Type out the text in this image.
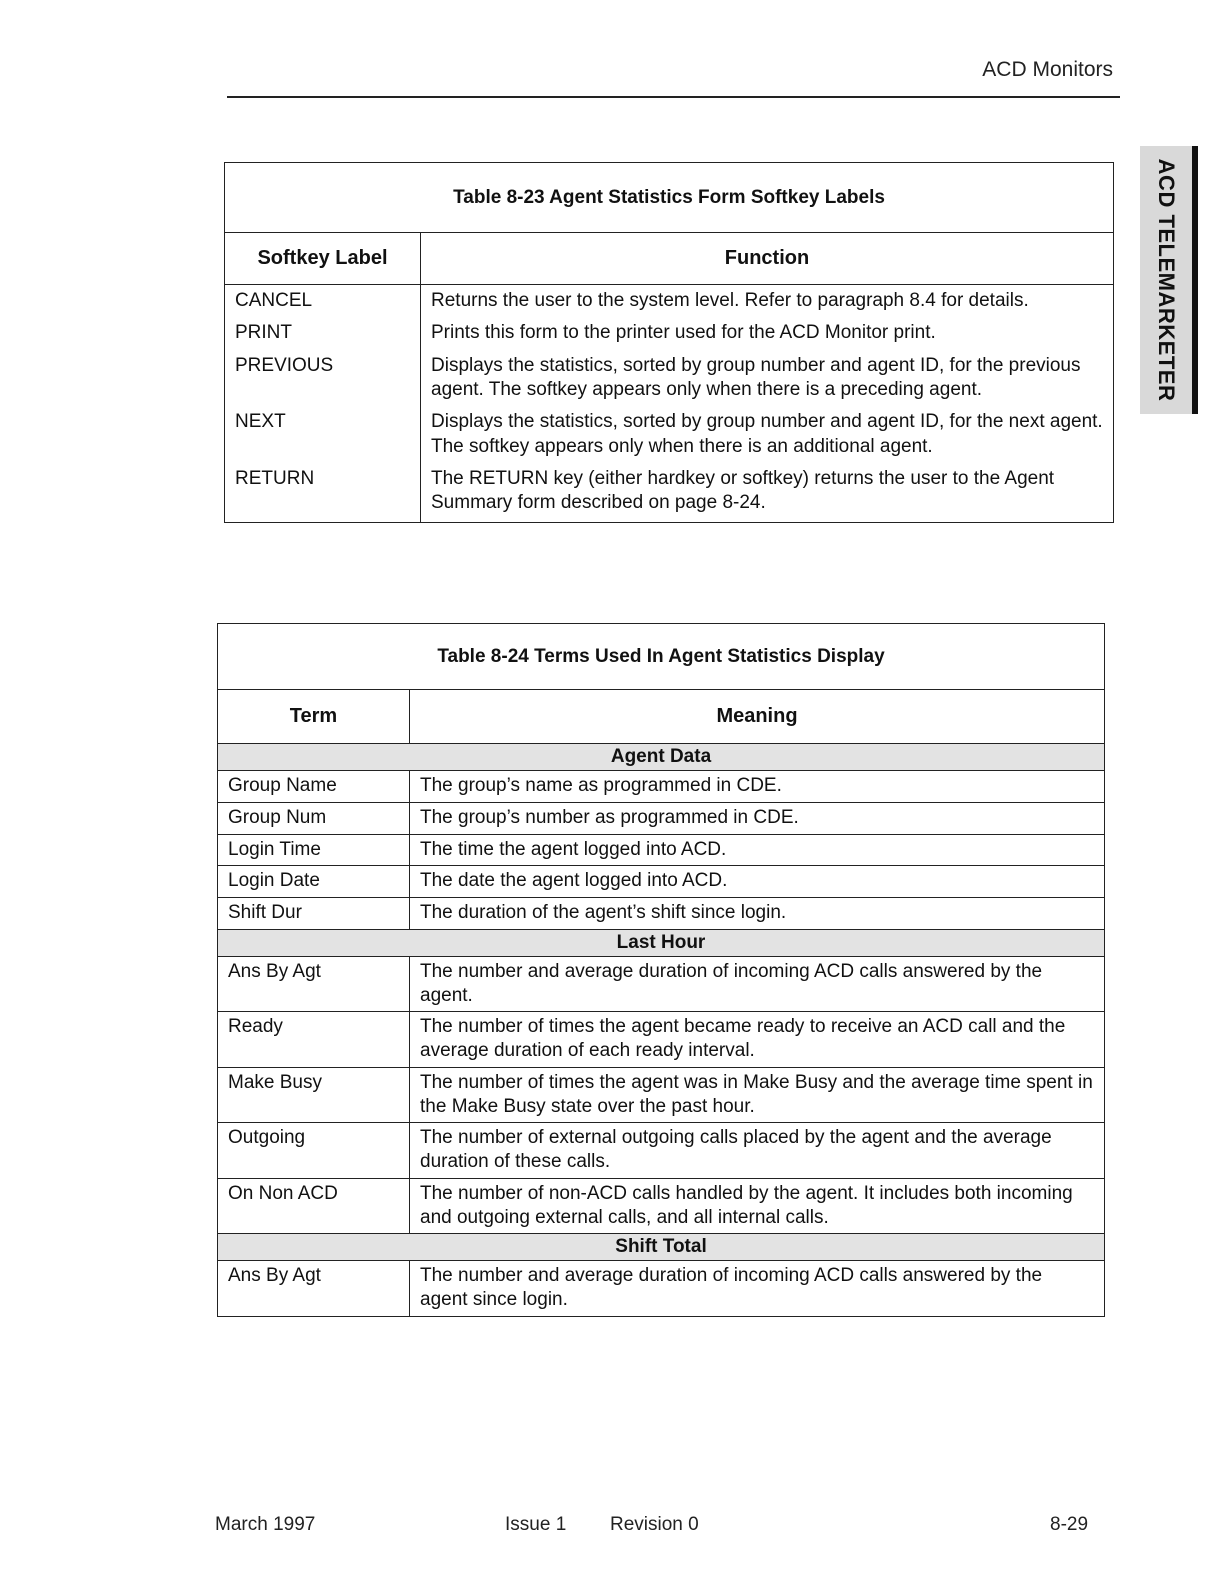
ACD Monitors
ACD TELEMARKETER
Table 8-23 Agent Statistics Form Softkey Labels	
Softkey Label	Function
CANCEL	Returns the user to the system level. Refer to paragraph 8.4 for details.
PRINT	Prints this form to the printer used for the ACD Monitor print.
PREVIOUS	Displays the statistics, sorted by group number and agent ID, for the previous agent. The softkey appears only when there is a preceding agent.
NEXT	Displays the statistics, sorted by group number and agent ID, for the next agent. The softkey appears only when there is an additional agent.
RETURN	The RETURN key (either hardkey or softkey) returns the user to the Agent Summary form described on page 8-24.
Table 8-24 Terms Used In Agent Statistics Display	
Term	Meaning
Agent Data	
Group Name	The group’s name as programmed in CDE.
Group Num	The group’s number as programmed in CDE.
Login Time	The time the agent logged into ACD.
Login Date	The date the agent logged into ACD.
Shift Dur	The duration of the agent’s shift since login.
Last Hour	
Ans By Agt	The number and average duration of incoming ACD calls answered by the agent.
Ready	The number of times the agent became ready to receive an ACD call and the average duration of each ready interval.
Make Busy	The number of times the agent was in Make Busy and the average time spent in the Make Busy state over the past hour.
Outgoing	The number of external outgoing calls placed by the agent and the average duration of these calls.
On Non ACD	The number of non-ACD calls handled by the agent. It includes both incoming and outgoing external calls, and all internal calls.
Shift Total	
Ans By Agt	The number and average duration of incoming ACD calls answered by the agent since login.
March 1997	Issue 1 Revision 0	8-29
